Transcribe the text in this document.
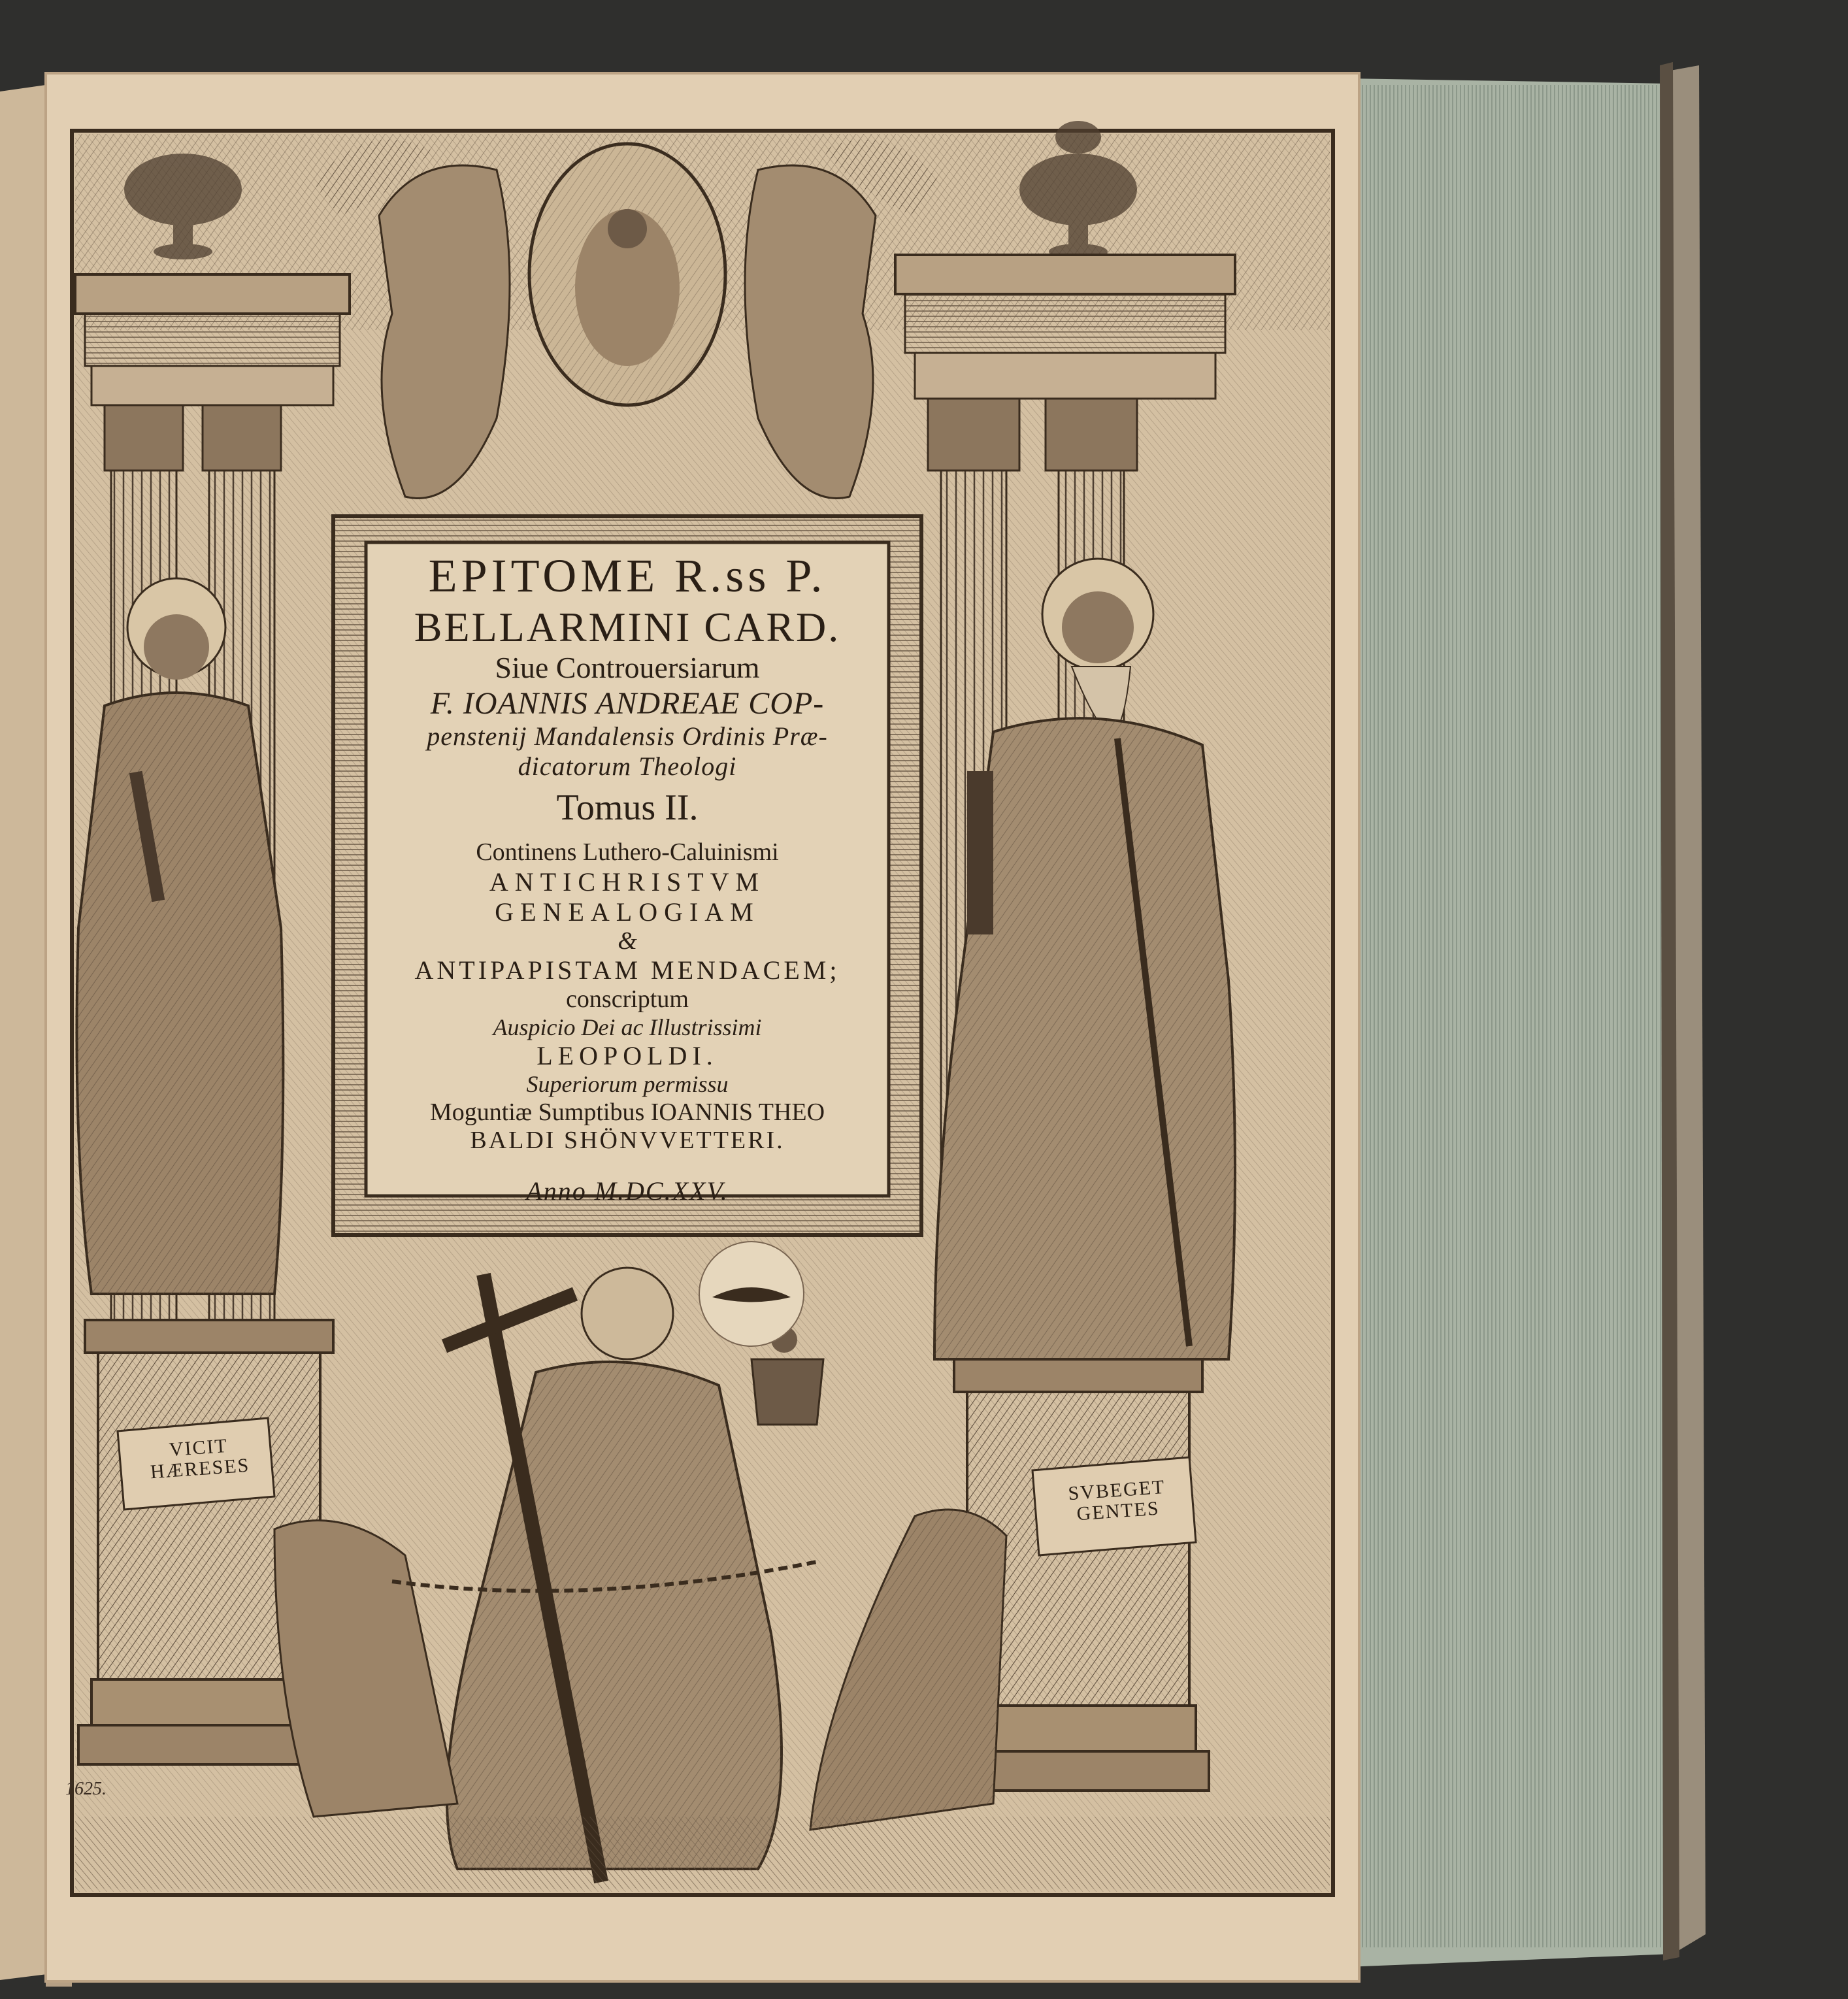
EPITOME R.ss P.
BELLARMINI CARD.
Siue Controuersiarum
F. IOANNIS ANDREAE COP-
penstenij Mandalensis Ordinis Præ-
dicatorum Theologi
Tomus II.
Continens Luthero-Caluinismi
ANTICHRISTVM
GENEALOGIAM
&
ANTIPAPISTAM MENDACEM;
conscriptum
Auspicio Dei ac Illustrissimi
LEOPOLDI.
Superiorum permissu
Moguntiæ Sumptibus IOANNIS THEO
BALDI SHÖNVVETTERI.
Anno M.DC.XXV.
VICIT
HÆRESES
SVBEGET
GENTES
1625.
